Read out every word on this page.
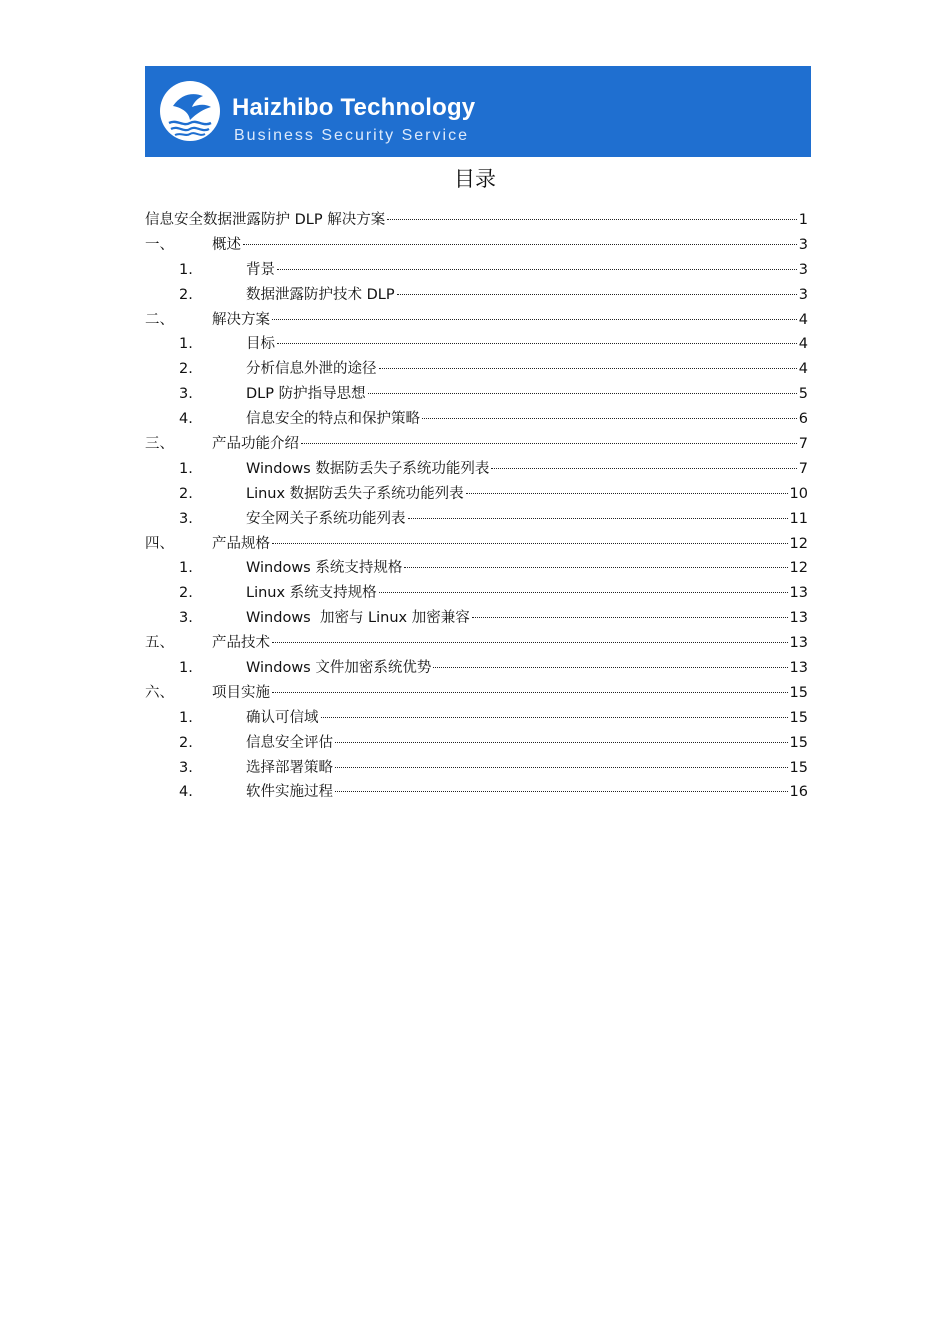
Haizhibo Technology
Business Security Service
目录
信息安全数据泄露防护 DLP 解决方案	1
一、	概述	3
1.	背景	3
2.	数据泄露防护技术 DLP	3
二、	解决方案	4
1.	目标	4
2.	分析信息外泄的途径	4
3.	DLP 防护指导思想	5
4.	信息安全的特点和保护策略	6
三、	产品功能介绍	7
1.	Windows 数据防丢失子系统功能列表	7
2.	Linux 数据防丢失子系统功能列表	10
3.	安全网关子系统功能列表	11
四、	产品规格	12
1.	Windows 系统支持规格	12
2.	Linux 系统支持规格	13
3.	Windows  加密与 Linux 加密兼容	13
五、	产品技术	13
1.	Windows 文件加密系统优势	13
六、	项目实施	15
1.	确认可信域	15
2.	信息安全评估	15
3.	选择部署策略	15
4.	软件实施过程	16
